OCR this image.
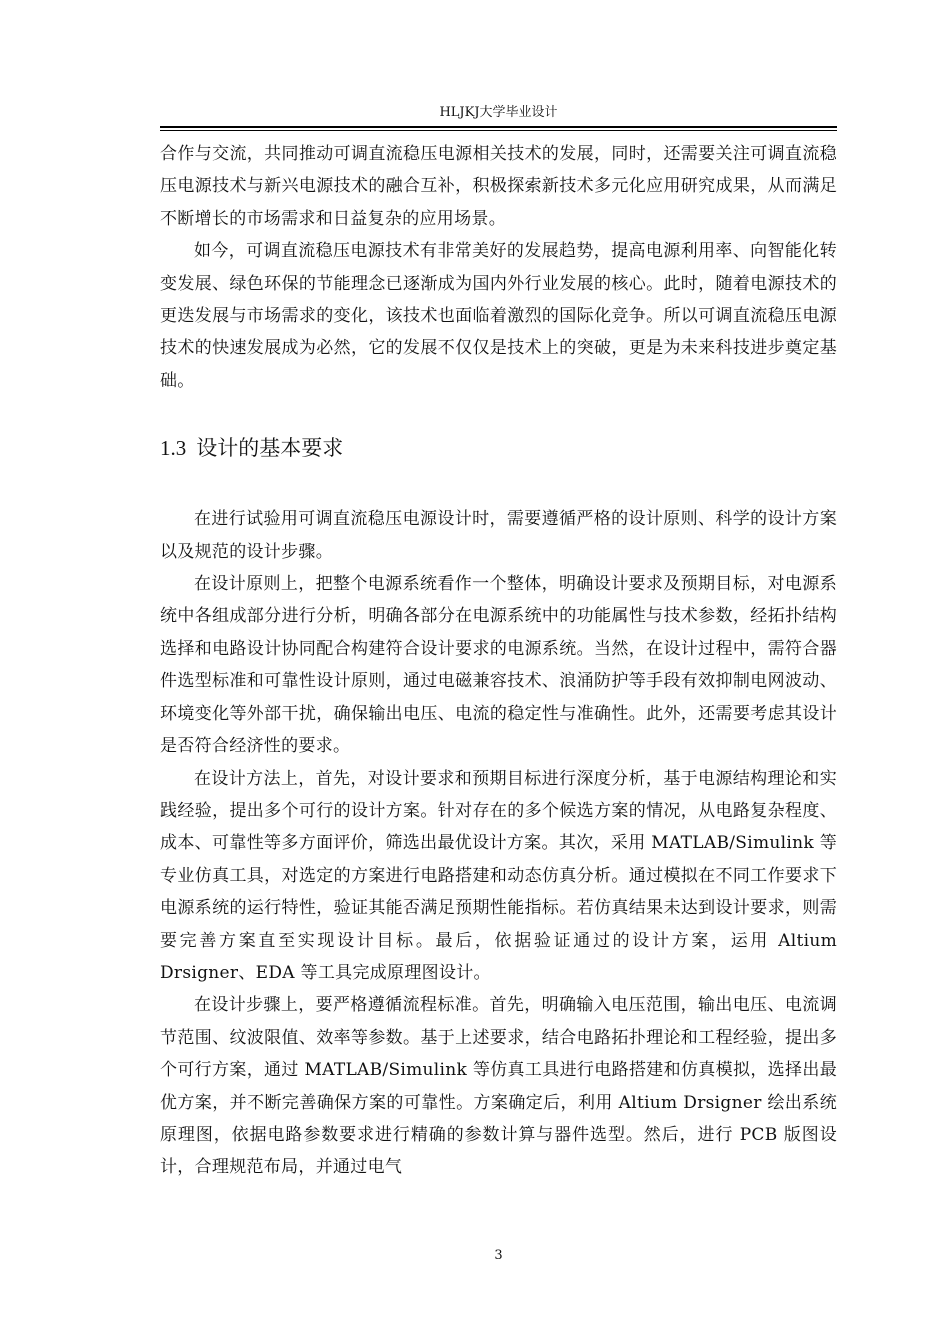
HLJKJ大学毕业设计

合作与交流，共同推动可调直流稳压电源相关技术的发展，同时，还需要关注可调直流稳压电源技术与新兴电源技术的融合互补，积极探索新技术多元化应用研究成果，从而满足不断增长的市场需求和日益复杂的应用场景。

如今，可调直流稳压电源技术有非常美好的发展趋势，提高电源利用率、向智能化转变发展、绿色环保的节能理念已逐渐成为国内外行业发展的核心。此时，随着电源技术的更迭发展与市场需求的变化，该技术也面临着激烈的国际化竞争。所以可调直流稳压电源技术的快速发展成为必然，它的发展不仅仅是技术上的突破，更是为未来科技进步奠定基础。

1.3 设计的基本要求

在进行试验用可调直流稳压电源设计时，需要遵循严格的设计原则、科学的设计方案以及规范的设计步骤。

在设计原则上，把整个电源系统看作一个整体，明确设计要求及预期目标，对电源系统中各组成部分进行分析，明确各部分在电源系统中的功能属性与技术参数，经拓扑结构选择和电路设计协同配合构建符合设计要求的电源系统。当然，在设计过程中，需符合器件选型标准和可靠性设计原则，通过电磁兼容技术、浪涌防护等手段有效抑制电网波动、环境变化等外部干扰，确保输出电压、电流的稳定性与准确性。此外，还需要考虑其设计是否符合经济性的要求。

在设计方法上，首先，对设计要求和预期目标进行深度分析，基于电源结构理论和实践经验，提出多个可行的设计方案。针对存在的多个候选方案的情况，从电路复杂程度、成本、可靠性等多方面评价，筛选出最优设计方案。其次，采用 MATLAB/Simulink 等专业仿真工具，对选定的方案进行电路搭建和动态仿真分析。通过模拟在不同工作要求下电源系统的运行特性，验证其能否满足预期性能指标。若仿真结果未达到设计要求，则需要完善方案直至实现设计目标。最后，依据验证通过的设计方案，运用 Altium Drsigner、EDA 等工具完成原理图设计。

在设计步骤上，要严格遵循流程标准。首先，明确输入电压范围，输出电压、电流调节范围、纹波限值、效率等参数。基于上述要求，结合电路拓扑理论和工程经验，提出多个可行方案，通过 MATLAB/Simulink 等仿真工具进行电路搭建和仿真模拟，选择出最优方案，并不断完善确保方案的可靠性。方案确定后，利用 Altium Drsigner 绘出系统原理图，依据电路参数要求进行精确的参数计算与器件选型。然后，进行 PCB 版图设计，合理规范布局，并通过电气

3
